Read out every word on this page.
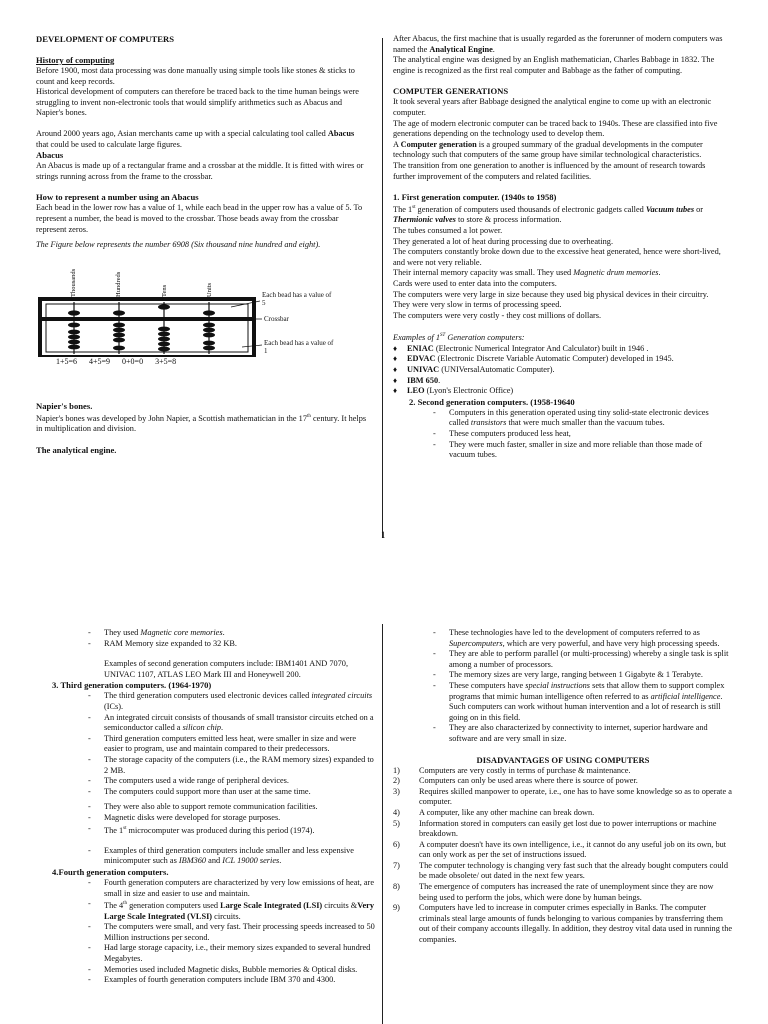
DEVELOPMENT OF COMPUTERS
History of computing

Before 1900, most data processing was done manually using simple tools like stones & sticks to count and keep records.

Historical development of computers can therefore be traced back to the time human beings were struggling to invent non-electronic tools that would simplify arithmetics such as Abacus and Napier's bones.

Around 2000 years ago, Asian merchants came up with a special calculating tool called Abacus that could be used to calculate large figures.

Abacus

An Abacus is made up of a rectangular frame and a crossbar at the middle. It is fitted with wires or strings running across from the frame to the crossbar.

How to represent a number using an Abacus

Each bead in the lower row has a value of 1, while each bead in the upper row has a value of 5. To represent a number, the bead is moved to the crossbar. Those beads away from the crossbar represent zeros.

The Figure below represents the number 6908 (Six thousand nine hundred and eight).

Thousands	Hundreds	Tens	Units	Each bead has a value of 5
Crossbar
Each bead has a value of 1
1+5=6    4+5=9    0+0=0    3+5=8
Napier's bones.

Napier's bones was developed by John Napier, a Scottish mathematician in the 17th century. It helps in multiplication and division.

The analytical engine.

After Abacus, the first machine that is usually regarded as the forerunner of modern computers was named the Analytical Engine.

The analytical engine was designed by an English mathematician, Charles Babbage in 1832. The engine is recognized as the first real computer and Babbage as the father of computing.

COMPUTER GENERATIONS

It took several years after Babbage designed the analytical engine to come up with an electronic computer.

The age of modern electronic computer can be traced back to 1940s. These are classified into five generations depending on the technology used to develop them.

A Computer generation is a grouped summary of the gradual developments in the computer technology such that computers of the same group have similar technological characteristics.

The transition from one generation to another is influenced by the amount of research towards further improvement of the computers and related facilities.

1. First generation computer. (1940s to 1958)

The 1st generation of computers used thousands of electronic gadgets called Vacuum tubes or Thermionic valves to store & process information.

The tubes consumed a lot power.

They generated a lot of heat during processing due to overheating.

The computers constantly broke down due to the excessive heat generated, hence were short-lived, and were not very reliable.

Their internal memory capacity was small. They used Magnetic drum memories.

Cards were used to enter data into the computers.

The computers were very large in size because they used big physical devices in their circuitry.

They were very slow in terms of processing speed.

The computers were very costly - they cost millions of dollars.

Examples of 1ST Generation computers:

♦ ENIAC (Electronic Numerical Integrator And Calculator) built in 1946 .
♦ EDVAC (Electronic Discrete Variable Automatic Computer) developed in 1945.
♦ UNIVAC (UNIVersalAutomatic Computer).
♦ IBM 650.
♦ LEO (Lyon's Electronic Office)
2. Second generation computers. (1958-19640
- Computers in this generation operated using tiny solid-state electronic devices called transistors that were much smaller than the vacuum tubes.
- These computers produced less heat,
- They were much faster, smaller in size and more reliable than those made of vacuum tubes.
1
- They used Magnetic core memories.
- RAM Memory size expanded to 32 KB.

Examples of second generation computers include: IBM1401 AND 7070, UNIVAC 1107, ATLAS LEO Mark III and Honeywell 200.

3. Third generation computers. (1964-1970)
- The third generation computers used electronic devices called integrated circuits (ICs).
- An integrated circuit consists of thousands of small transistor circuits etched on a semiconductor called a silicon chip.
- Third generation computers emitted less heat, were smaller in size and were easier to program, use and maintain compared to their predecessors.
- The storage capacity of the computers (i.e., the RAM memory sizes) expanded to 2 MB.
- The computers used a wide range of peripheral devices.
- The computers could support more than user at the same time.
- They were also able to support remote communication facilities.
- Magnetic disks were developed for storage purposes.
- The 1st microcomputer was produced during this period (1974).
- Examples of third generation computers include smaller and less expensive minicomputer such as IBM360 and ICL 19000 series.
4.Fourth generation computers.
- Fourth generation computers are characterized by very low emissions of heat, are small in size and easier to use and maintain.
- The 4th generation computers used Large Scale Integrated (LSI) circuits &Very Large Scale Integrated (VLSI) circuits.
- The computers were small, and very fast. Their processing speeds increased to 50 Million instructions per second.
- Had large storage capacity, i.e., their memory sizes expanded to several hundred Megabytes.
- Memories used included Magnetic disks, Bubble memories & Optical disks.
- Examples of fourth generation computers include IBM 370 and 4300.
- These technologies have led to the development of computers referred to as Supercomputers, which are very powerful, and have very high processing speeds.
- They are able to perform parallel (or multi-processing) whereby a single task is split among a number of processors.
- The memory sizes are very large, ranging between 1 Gigabyte & 1 Terabyte.
- These computers have special instructions sets that allow them to support complex programs that mimic human intelligence often referred to as artificial intelligence. Such computers can work without human intervention and a lot of research is still going on in this field.
- They are also characterized by connectivity to internet, superior hardware and software and are very small in size.
DISADVANTAGES OF USING COMPUTERS
1) Computers are very costly in terms of purchase & maintenance.
2) Computers can only be used areas where there is source of power.
3) Requires skilled manpower to operate, i.e., one has to have some knowledge so as to operate a computer.
4) A computer, like any other machine can break down.
5) Information stored in computers can easily get lost due to power interruptions or machine breakdown.
6) A computer doesn't have its own intelligence, i.e., it cannot do any useful job on its own, but can only work as per the set of instructions issued.
7) The computer technology is changing very fast such that the already bought computers could be made obsolete/ out dated in the next few years.
8) The emergence of computers has increased the rate of unemployment since they are now being used to perform the jobs, which were done by human beings.
9) Computers have led to increase in computer crimes especially in Banks. The computer criminals steal large amounts of funds belonging to various companies by transferring them out of their company accounts illegally. In addition, they destroy vital data used in running the companies.
